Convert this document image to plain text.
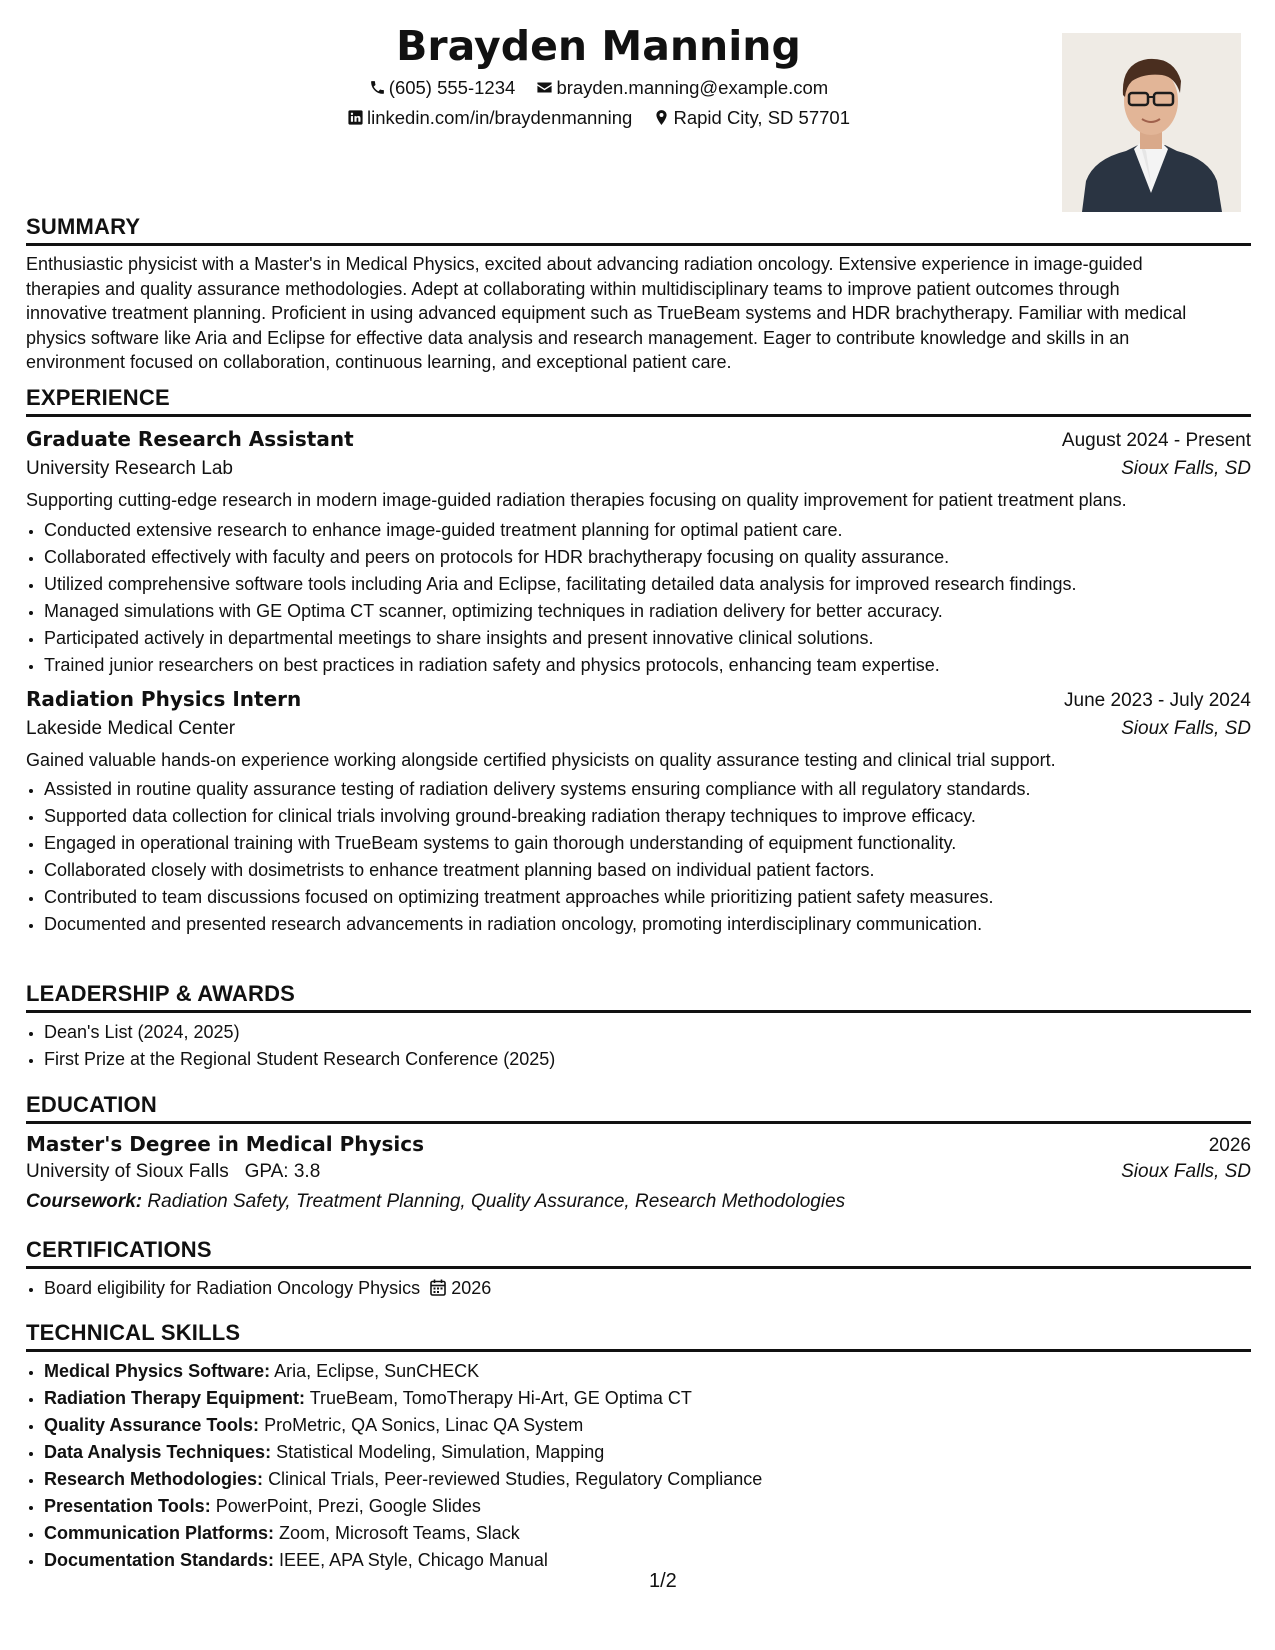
Brayden Manning
(605) 555-1234 brayden.manning@example.com
linkedin.com/in/braydenmanning Rapid City, SD 57701
SUMMARY
Enthusiastic physicist with a Master's in Medical Physics, excited about advancing radiation oncology. Extensive experience in image-guided
therapies and quality assurance methodologies. Adept at collaborating within multidisciplinary teams to improve patient outcomes through
innovative treatment planning. Proficient in using advanced equipment such as TrueBeam systems and HDR brachytherapy. Familiar with medical
physics software like Aria and Eclipse for effective data analysis and research management. Eager to contribute knowledge and skills in an
environment focused on collaboration, continuous learning, and exceptional patient care.
EXPERIENCE
Graduate Research Assistant	August 2024 - Present
University Research Lab	Sioux Falls, SD
Supporting cutting-edge research in modern image-guided radiation therapies focusing on quality improvement for patient treatment plans.
• Conducted extensive research to enhance image-guided treatment planning for optimal patient care.
• Collaborated effectively with faculty and peers on protocols for HDR brachytherapy focusing on quality assurance.
• Utilized comprehensive software tools including Aria and Eclipse, facilitating detailed data analysis for improved research findings.
• Managed simulations with GE Optima CT scanner, optimizing techniques in radiation delivery for better accuracy.
• Participated actively in departmental meetings to share insights and present innovative clinical solutions.
• Trained junior researchers on best practices in radiation safety and physics protocols, enhancing team expertise.
Radiation Physics Intern	June 2023 - July 2024
Lakeside Medical Center	Sioux Falls, SD
Gained valuable hands-on experience working alongside certified physicists on quality assurance testing and clinical trial support.
• Assisted in routine quality assurance testing of radiation delivery systems ensuring compliance with all regulatory standards.
• Supported data collection for clinical trials involving ground-breaking radiation therapy techniques to improve efficacy.
• Engaged in operational training with TrueBeam systems to gain thorough understanding of equipment functionality.
• Collaborated closely with dosimetrists to enhance treatment planning based on individual patient factors.
• Contributed to team discussions focused on optimizing treatment approaches while prioritizing patient safety measures.
• Documented and presented research advancements in radiation oncology, promoting interdisciplinary communication.
LEADERSHIP & AWARDS
• Dean's List (2024, 2025)
• First Prize at the Regional Student Research Conference (2025)
EDUCATION
Master's Degree in Medical Physics	2026
University of Sioux Falls GPA: 3.8	Sioux Falls, SD
Coursework: Radiation Safety, Treatment Planning, Quality Assurance, Research Methodologies
CERTIFICATIONS
• Board eligibility for Radiation Oncology Physics 2026
TECHNICAL SKILLS
• Medical Physics Software: Aria, Eclipse, SunCHECK
• Radiation Therapy Equipment: TrueBeam, TomoTherapy Hi-Art, GE Optima CT
• Quality Assurance Tools: ProMetric, QA Sonics, Linac QA System
• Data Analysis Techniques: Statistical Modeling, Simulation, Mapping
• Research Methodologies: Clinical Trials, Peer-reviewed Studies, Regulatory Compliance
• Presentation Tools: PowerPoint, Prezi, Google Slides
• Communication Platforms: Zoom, Microsoft Teams, Slack
• Documentation Standards: IEEE, APA Style, Chicago Manual
1/2
